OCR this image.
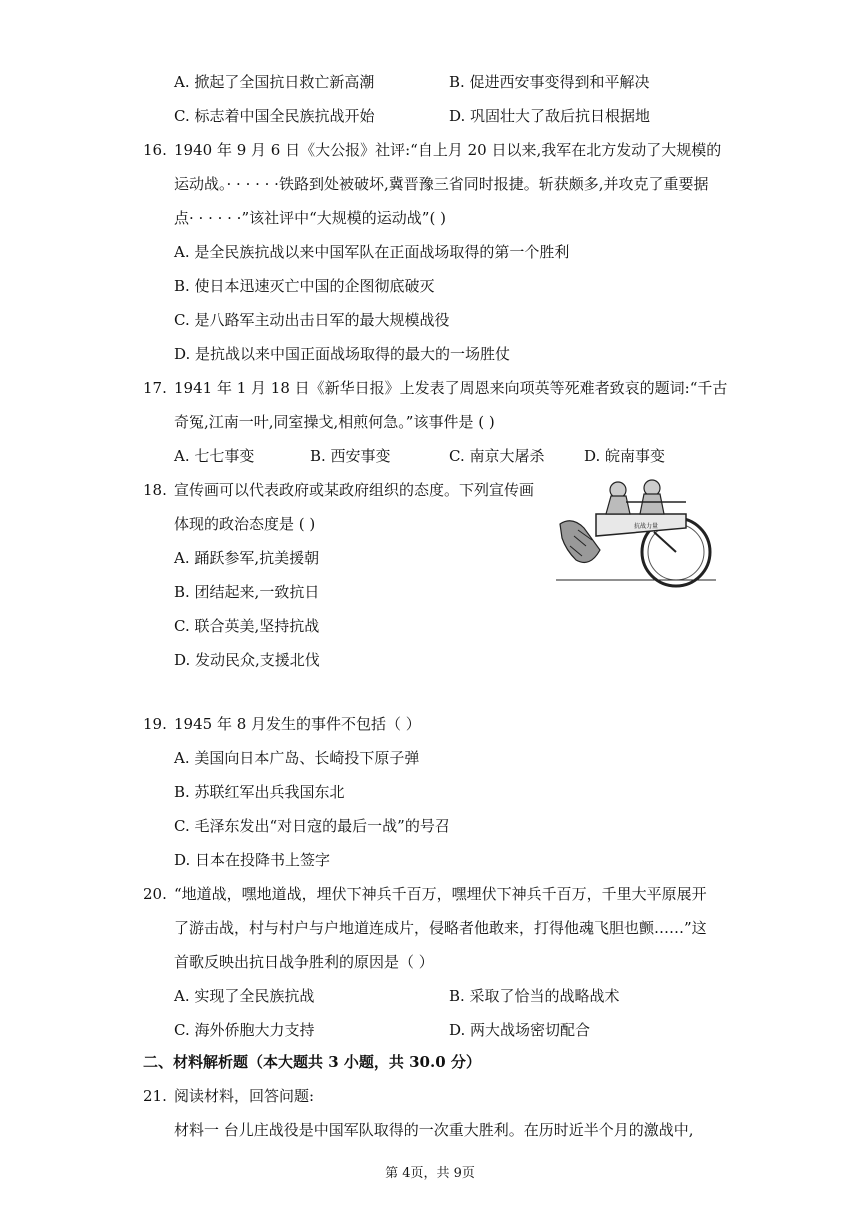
A. 掀起了全国抗日救亡新高潮	B. 促进西安事变得到和平解决
C. 标志着中国全民族抗战开始	D. 巩固壮大了敌后抗日根据地
16. 1940 年 9 月 6 日《大公报》社评:“自上月 20 日以来,我军在北方发动了大规模的
运动战。· · · · · ·铁路到处被破坏,冀晋豫三省同时报捷。斩获颇多,并攻克了重要据
点· · · · · ·”该社评中“大规模的运动战”( )
A. 是全民族抗战以来中国军队在正面战场取得的第一个胜利
B. 使日本迅速灭亡中国的企图彻底破灭
C. 是八路军主动出击日军的最大规模战役
D. 是抗战以来中国正面战场取得的最大的一场胜仗
17. 1941 年 1 月 18 日《新华日报》上发表了周恩来向项英等死难者致哀的题词:“千古
奇冤,江南一叶,同室操戈,相煎何急。”该事件是 ( )
A. 七七事变	B. 西安事变	C. 南京大屠杀	D. 皖南事变
18. 宣传画可以代表政府或某政府组织的态度。下列宣传画
体现的政治态度是 ( )
A. 踊跃参军,抗美援朝
B. 团结起来,一致抗日
C. 联合英美,坚持抗战
D. 发动民众,支援北伐
抗战力量
19. 1945 年 8 月发生的事件不包括（ ）
A. 美国向日本广岛、长崎投下原子弹
B. 苏联红军出兵我国东北
C. 毛泽东发出“对日寇的最后一战”的号召
D. 日本在投降书上签字
20. “地道战，嘿地道战，埋伏下神兵千百万，嘿埋伏下神兵千百万，千里大平原展开
了游击战，村与村户与户地道连成片，侵略者他敢来，打得他魂飞胆也颤……”这
首歌反映出抗日战争胜利的原因是（ ）
A. 实现了全民族抗战	B. 采取了恰当的战略战术
C. 海外侨胞大力支持	D. 两大战场密切配合
二、材料解析题（本大题共 3 小题，共 30.0 分）
21. 阅读材料，回答问题:
材料一 台儿庄战役是中国军队取得的一次重大胜利。在历时近半个月的激战中,
第 4页，共 9页
